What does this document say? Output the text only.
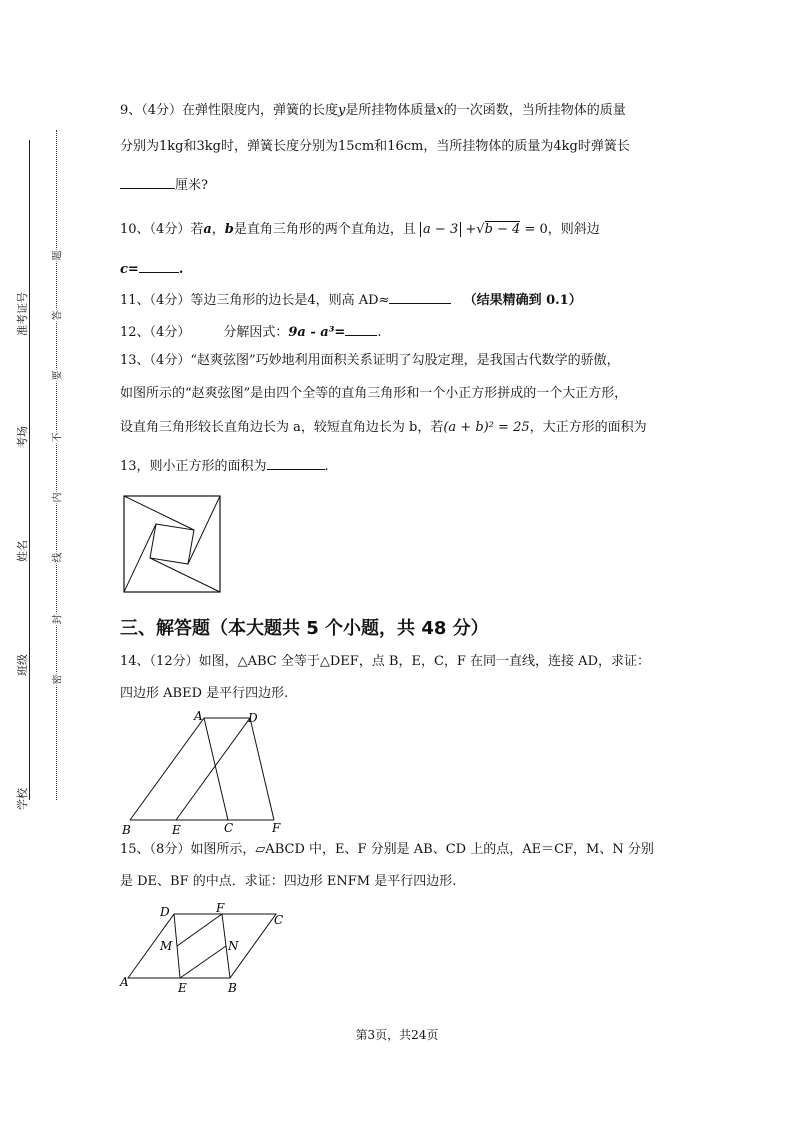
准考证号
考场
姓名
班级
学校
题
答
要
不
内
线
封
密
9、（4分）在弹性限度内，弹簧的长度y是所挂物体质量x的一次函数，当所挂物体的质量
分别为1kg和3kg时，弹簧长度分别为15cm和16cm，当所挂物体的质量为4kg时弹簧长
厘米?
10、（4分）若a，b是直角三角形的两个直角边，且 a − 3 +√b − 4 = 0，则斜边
c=	.
11、（4分）等边三角形的边长是4，则高 AD≈	（结果精确到 0.1）
12、（4分）        分解因式：9a - a³= .
13、（4分）“赵爽弦图”巧妙地利用面积关系证明了勾股定理，是我国古代数学的骄傲，
如图所示的“赵爽弦图”是由四个全等的直角三角形和一个小正方形拼成的一个大正方形，
设直角三角形较长直角边长为 a，较短直角边长为 b，若(a + b)² = 25，大正方形的面积为
13，则小正方形的面积为	.
三、解答题（本大题共 5 个小题，共 48 分）
14、（12分）如图，△ABC 全等于△DEF，点 B，E，C，F 在同一直线，连接 AD，求证：
四边形 ABED 是平行四边形.
A	D
B	E	C	F
15、（8分）如图所示，▱ABCD 中，E、F 分别是 AB、CD 上的点，AE＝CF，M、N 分别
是 DE、BF 的中点．求证：四边形 ENFM 是平行四边形.
D	F
C
M	N
A	E	B
第3页，共24页
